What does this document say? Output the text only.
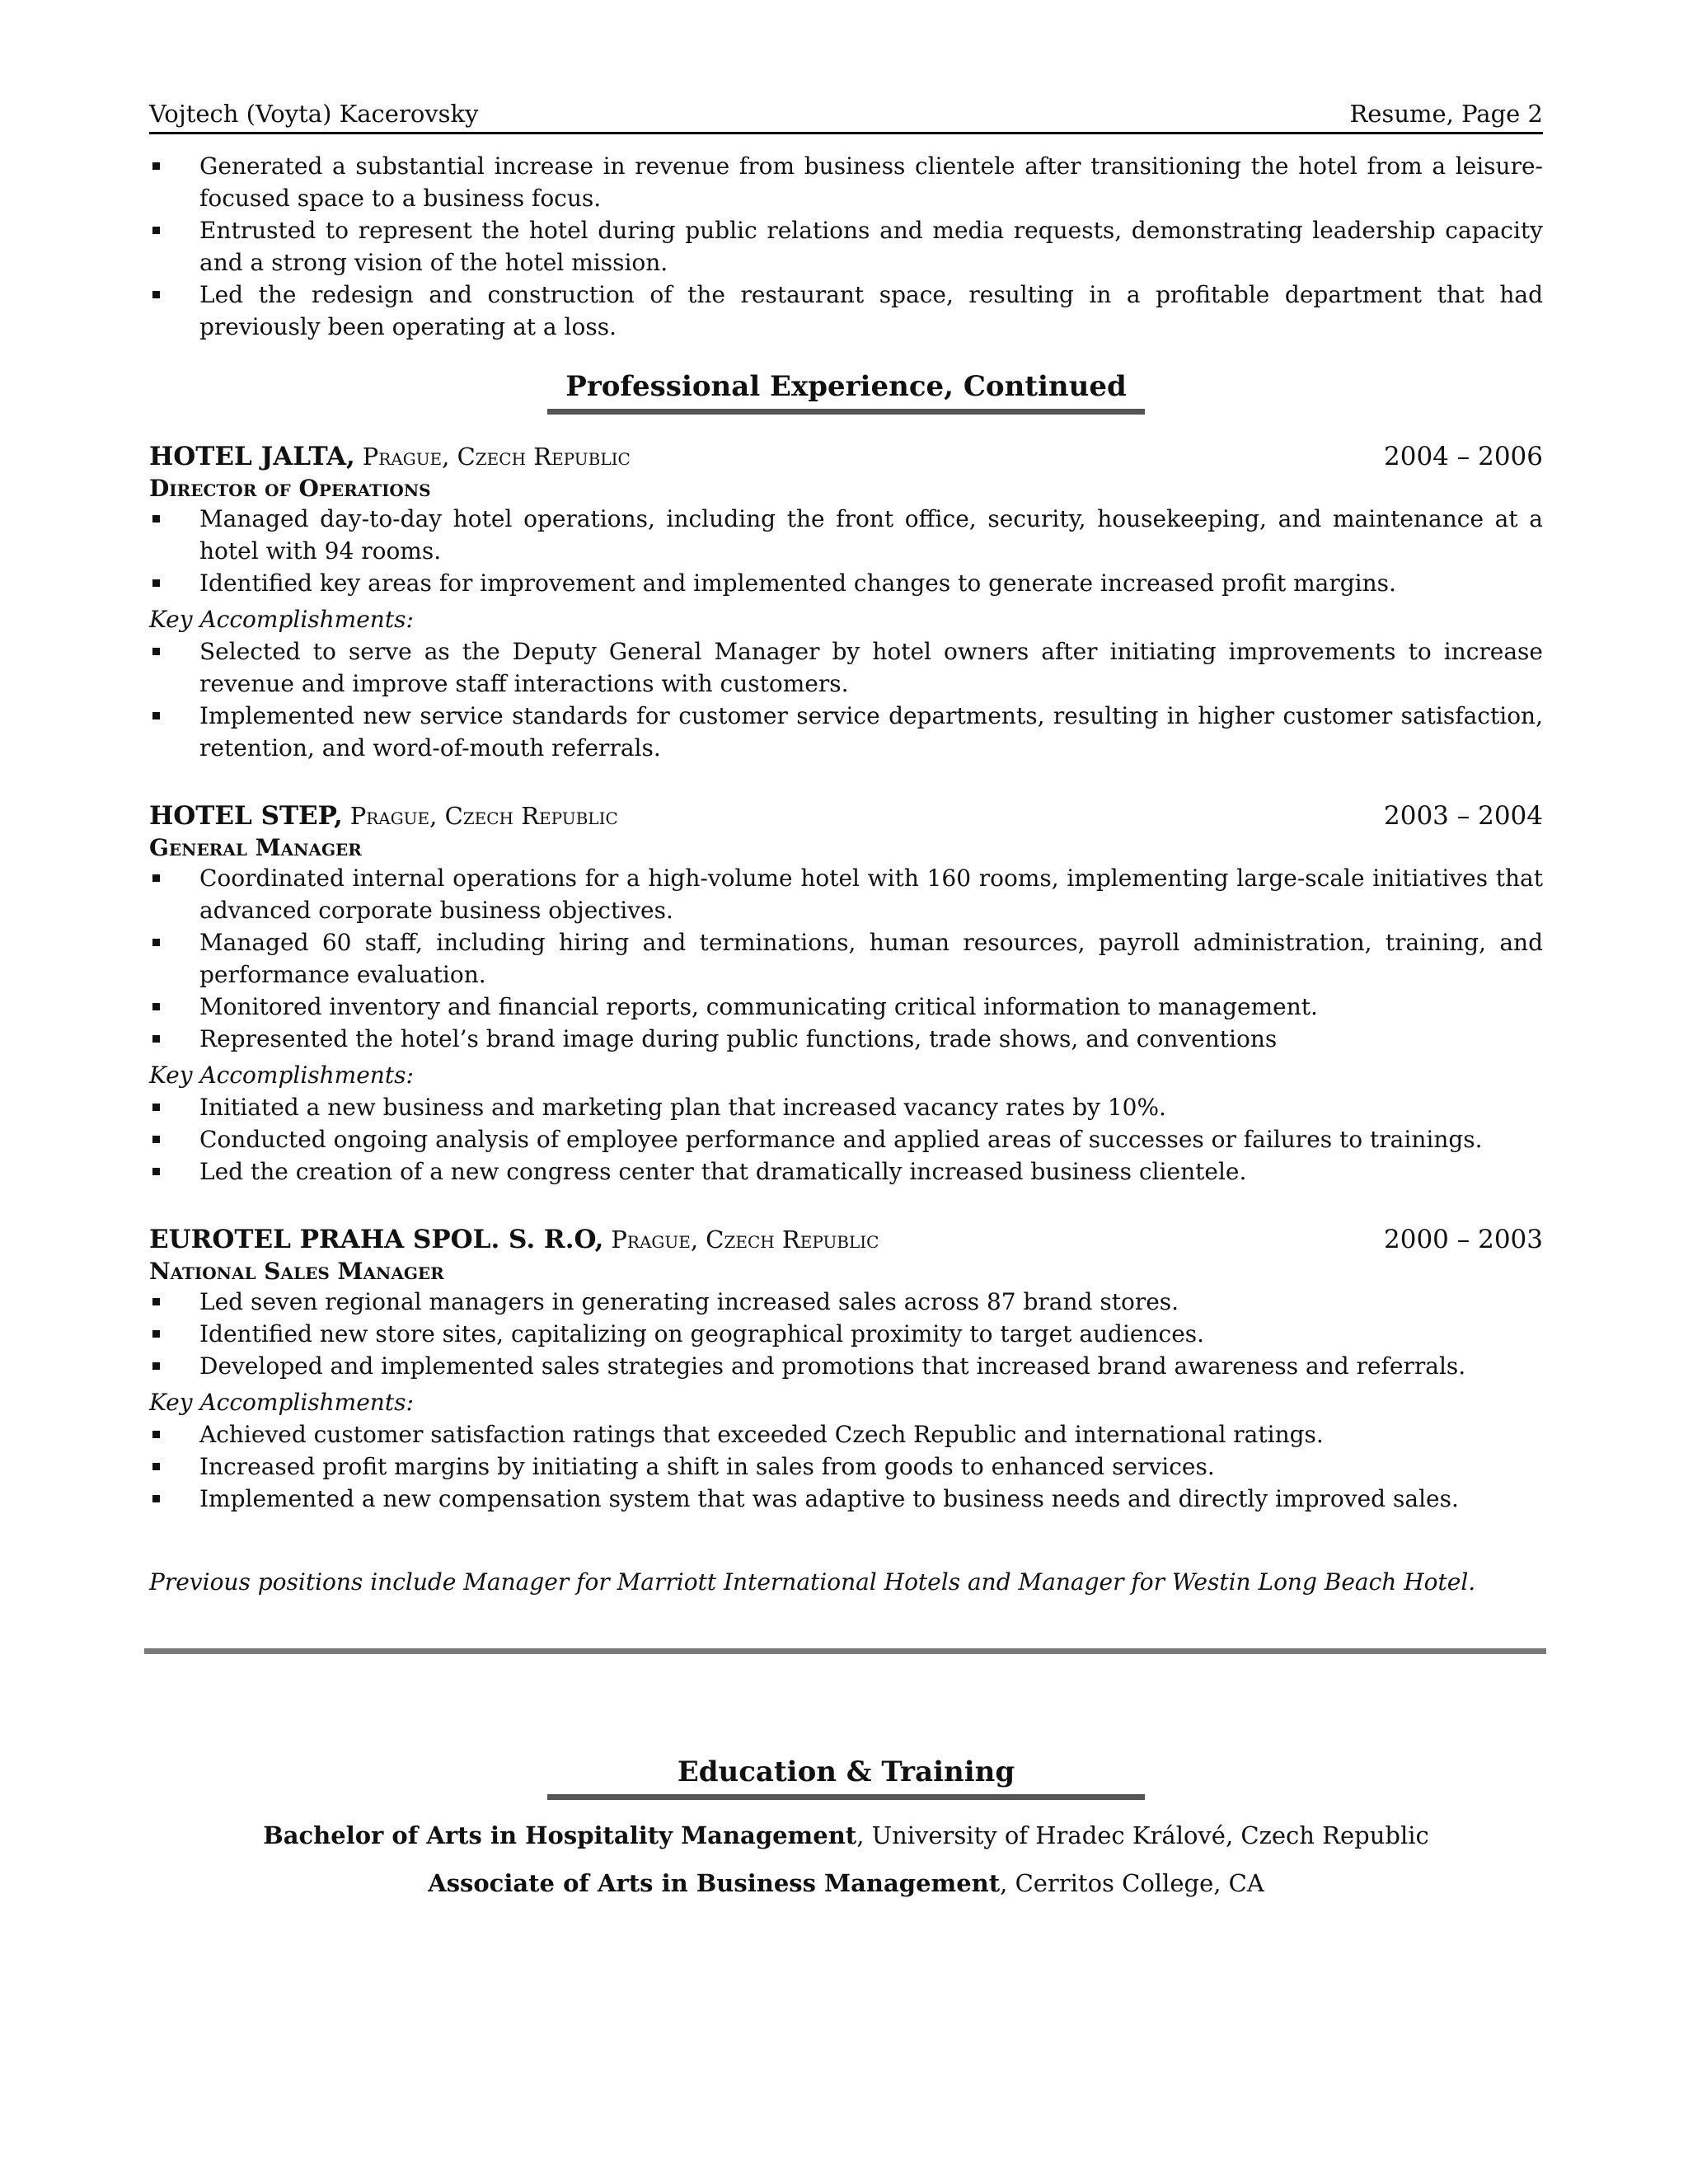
Vojtech (Voyta) Kacerovsky	Resume, Page 2
Generated a substantial increase in revenue from business clientele after transitioning the hotel from a leisure-focused space to a business focus.
Entrusted to represent the hotel during public relations and media requests, demonstrating leadership capacity and a strong vision of the hotel mission.
Led the redesign and construction of the restaurant space, resulting in a profitable department that had previously been operating at a loss.
Professional Experience, Continued
HOTEL JALTA, Prague, Czech Republic	2004 – 2006
Director of Operations
Managed day-to-day hotel operations, including the front office, security, housekeeping, and maintenance at a hotel with 94 rooms.
Identified key areas for improvement and implemented changes to generate increased profit margins.
Key Accomplishments:
Selected to serve as the Deputy General Manager by hotel owners after initiating improvements to increase revenue and improve staff interactions with customers.
Implemented new service standards for customer service departments, resulting in higher customer satisfaction, retention, and word-of-mouth referrals.
HOTEL STEP, Prague, Czech Republic	2003 – 2004
General Manager
Coordinated internal operations for a high-volume hotel with 160 rooms, implementing large-scale initiatives that advanced corporate business objectives.
Managed 60 staff, including hiring and terminations, human resources, payroll administration, training, and performance evaluation.
Monitored inventory and financial reports, communicating critical information to management.
Represented the hotel’s brand image during public functions, trade shows, and conventions
Key Accomplishments:
Initiated a new business and marketing plan that increased vacancy rates by 10%.
Conducted ongoing analysis of employee performance and applied areas of successes or failures to trainings.
Led the creation of a new congress center that dramatically increased business clientele.
EUROTEL PRAHA SPOL. S. R.O, Prague, Czech Republic	2000 – 2003
National Sales Manager
Led seven regional managers in generating increased sales across 87 brand stores.
Identified new store sites, capitalizing on geographical proximity to target audiences.
Developed and implemented sales strategies and promotions that increased brand awareness and referrals.
Key Accomplishments:
Achieved customer satisfaction ratings that exceeded Czech Republic and international ratings.
Increased profit margins by initiating a shift in sales from goods to enhanced services.
Implemented a new compensation system that was adaptive to business needs and directly improved sales.
Previous positions include Manager for Marriott International Hotels and Manager for Westin Long Beach Hotel.
Education & Training
Bachelor of Arts in Hospitality Management, University of Hradec Králové, Czech Republic
Associate of Arts in Business Management, Cerritos College, CA
